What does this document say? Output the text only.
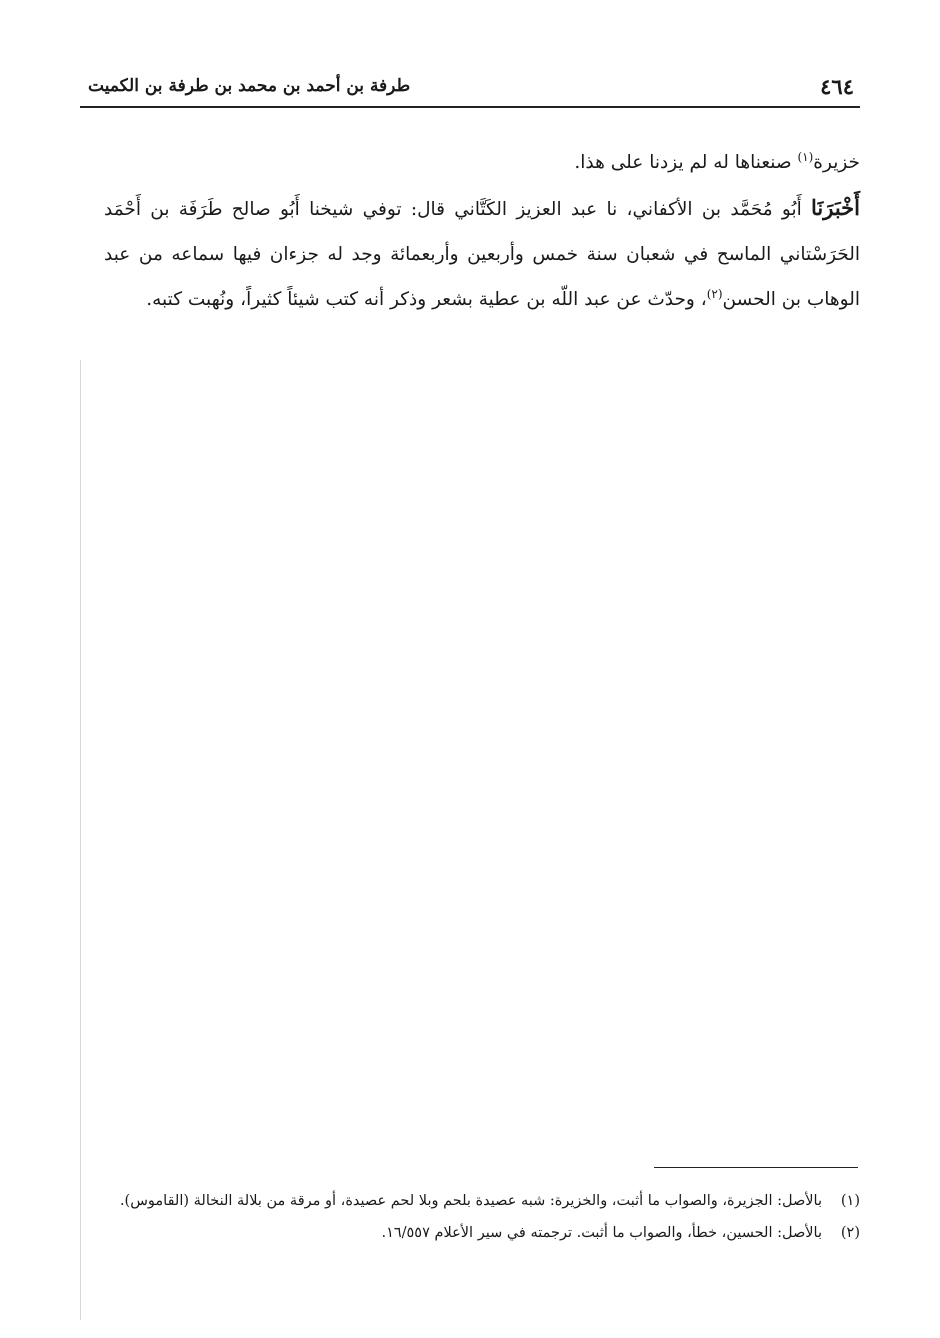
٤٦٤
طرفة بن أحمد بن محمد بن طرفة بن الكميت

خزيرة$^{(١)}$ صنعناها له لم يزدنا على هذا.

أَخْبَرَنَا أَبُو مُحَمَّد بن الأكفاني، نا عبد العزيز الكَتَّاني قال: توفي شيخنا أَبُو صالح طَرَفَة بن أَحْمَد الحَرَسْتاني الماسح في شعبان سنة خمس وأربعين وأربعمائة وجد له جزءان فيها سماعه من عبد الوهاب بن الحسن$^{(٢)}$، وحدّث عن عبد اللّه بن عطية بشعر وذكر أنه كتب شيئاً كثيراً، ونُهبت كتبه.

(١)
بالأصل: الجزيرة، والصواب ما أثبت، والخزيرة: شبه عصيدة بلحم وبلا لحم عصيدة، أو مرقة من بلالة النخالة (القاموس).
(٢)
بالأصل: الحسين، خطأ، والصواب ما أثبت. ترجمته في سير الأعلام ١٦/٥٥٧.
